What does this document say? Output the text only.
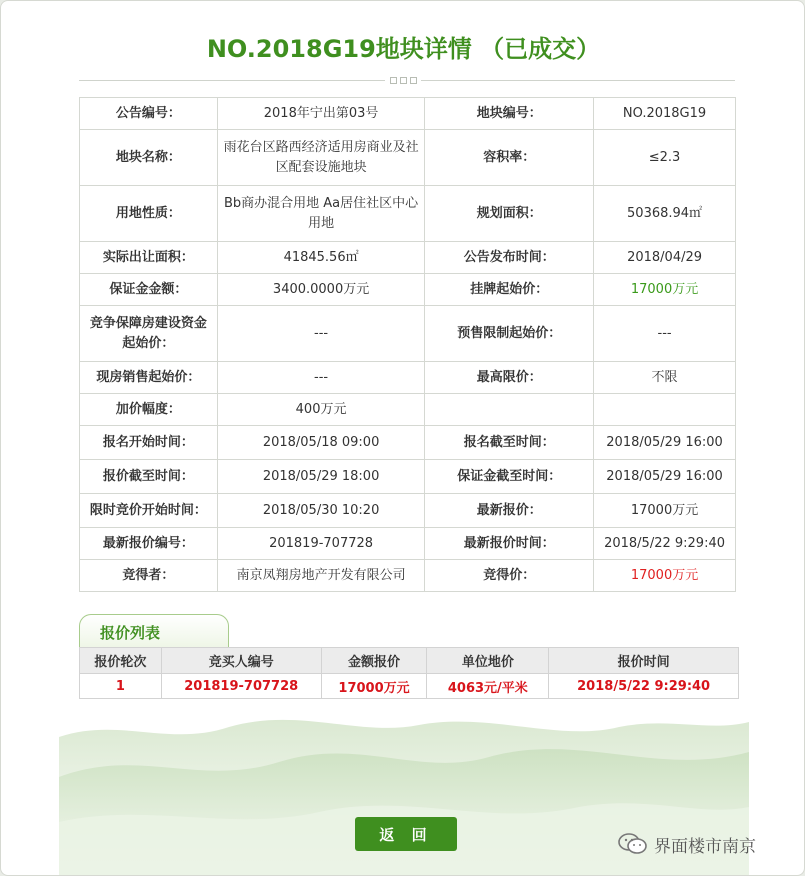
NO.2018G19地块详情 （已成交）
公告编号：	2018年宁出第03号	地块编号：	NO.2018G19
地块名称：	雨花台区路西经济适用房商业及社区配套设施地块	容积率：	≤2.3
用地性质：	Bb商办混合用地 Aa居住社区中心用地	规划面积：	50368.94㎡
实际出让面积：	41845.56㎡	公告发布时间：	2018/04/29
保证金金额：	3400.0000万元	挂牌起始价：	17000万元
竞争保障房建设资金起始价：	---	预售限制起始价：	---
现房销售起始价：	---	最高限价：	不限
加价幅度：	400万元		
报名开始时间：	2018/05/18 09:00	报名截至时间：	2018/05/29 16:00
报价截至时间：	2018/05/29 18:00	保证金截至时间：	2018/05/29 16:00
限时竞价开始时间：	2018/05/30 10:20	最新报价：	17000万元
最新报价编号：	201819-707728	最新报价时间：	2018/5/22 9:29:40
竞得者：	南京凤翔房地产开发有限公司	竞得价：	17000万元
报价列表
报价轮次	竞买人编号	金额报价	单位地价	报价时间
1	201819-707728	17000万元	4063元/平米	2018/5/22 9:29:40
返 回
界面楼市南京
